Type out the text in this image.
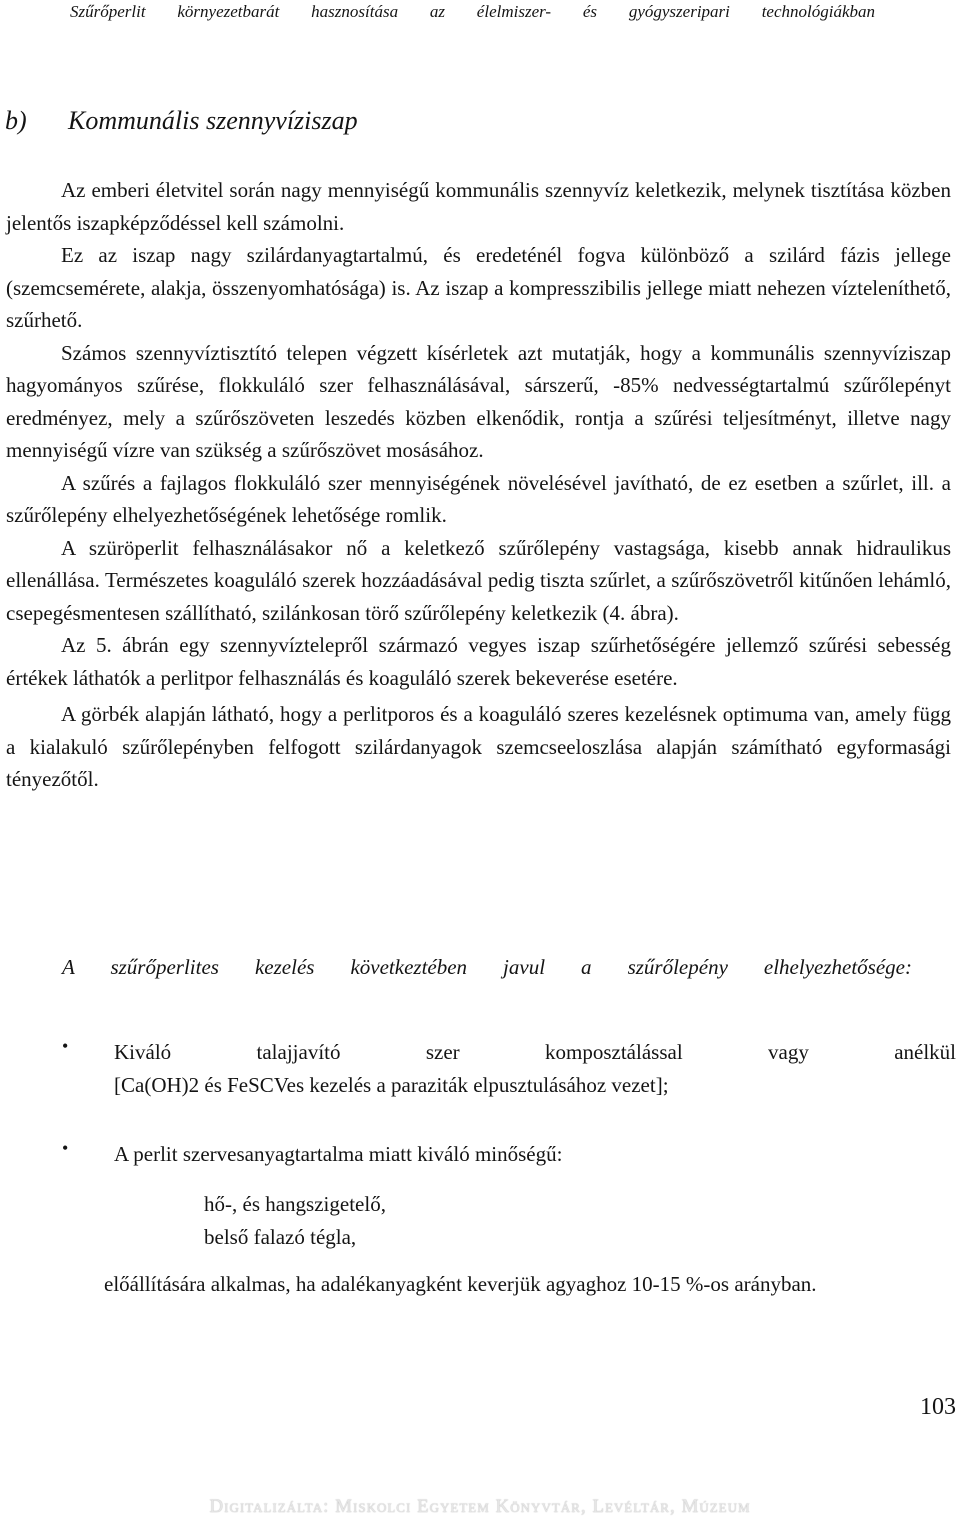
Szűrőperlit környezetbarát hasznosítása az élelmiszer- és gyógyszeripari technológiákban
b) Kommunális szennyvíziszap

Az emberi életvitel során nagy mennyiségű kommunális szennyvíz keletkezik, melynek tisztítása közben jelentős iszapképződéssel kell számolni.

Ez az iszap nagy szilárdanyagtartalmú, és eredeténél fogva különböző a szilárd fázis jellege (szemcsemérete, alakja, összenyomhatósága) is. Az iszap a kompresszibilis jellege miatt nehezen vízteleníthető, szűrhető.

Számos szennyvíztisztító telepen végzett kísérletek azt mutatják, hogy a kommunális szennyvíziszap hagyományos szűrése, flokkuláló szer felhasználásával, sárszerű, -85% nedvességtartalmú szűrőlepényt eredményez, mely a szűrőszöveten leszedés közben elkenődik, rontja a szűrési teljesítményt, illetve nagy mennyiségű vízre van szükség a szűrőszövet mosásához.

A szűrés a fajlagos flokkuláló szer mennyiségének növelésével javítható, de ez esetben a szűrlet, ill. a szűrőlepény elhelyezhetőségének lehetősége romlik.

A szüröperlit felhasználásakor nő a keletkező szűrőlepény vastagsága, kisebb annak hidraulikus ellenállása. Természetes koaguláló szerek hozzáadásával pedig tiszta szűrlet, a szűrőszövetről kitűnően lehámló, csepegésmentesen szállítható, szilánkosan törő szűrőlepény keletkezik (4. ábra).

Az 5. ábrán egy szennyvíztelepről származó vegyes iszap szűrhetőségére jellemző szűrési sebesség értékek láthatók a perlitpor felhasználás és koaguláló szerek bekeverése esetére.

A görbék alapján látható, hogy a perlitporos és a koaguláló szeres kezelésnek optimuma van, amely függ a kialakuló szűrőlepényben felfogott szilárdanyagok szemcseeloszlása alapján számítható egyformasági tényezőtől.

A szűrőperlites kezelés következtében javul a szűrőlepény elhelyezhetősége:
• Kiváló talajjavító szer komposztálással vagy anélkül
[Ca(OH)2 és FeSCVes kezelés a paraziták elpusztulásához vezet];
• A perlit szervesanyagtartalma miatt kiváló minőségű:
hő-, és hangszigetelő,
belső falazó tégla,
előállítására alkalmas, ha adalékanyagként keverjük agyaghoz 10-15 %-os arányban.
103
Digitalizálta: Miskolci Egyetem Könyvtár, Levéltár, Múzeum
